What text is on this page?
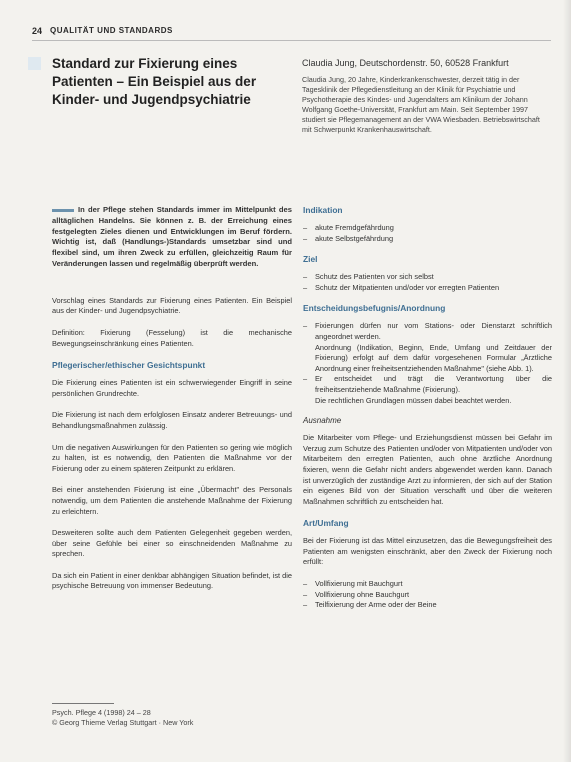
24 QUALITÄT UND STANDARDS
Standard zur Fixierung eines Patienten – Ein Beispiel aus der Kinder- und Jugendpsychiatrie
Claudia Jung, Deutschordenstr. 50, 60528 Frankfurt
Claudia Jung, 20 Jahre, Kinderkrankenschwester, derzeit tätig in der Tagesklinik der Pflegedienstleitung an der Klinik für Psychiatrie und Psychotherapie des Kindes- und Jugendalters am Klinikum der Johann Wolfgang Goethe-Universität, Frankfurt am Main. Seit September 1997 studiert sie Pflegemanagement an der VWA Wiesbaden. Betriebswirtschaft mit Schwerpunkt Krankenhauswirtschaft.
In der Pflege stehen Standards immer im Mittelpunkt des alltäglichen Handelns. Sie können z. B. der Erreichung eines festgelegten Zieles dienen und Entwicklungen im Beruf fördern. Wichtig ist, daß (Handlungs-)Standards umsetzbar sind und flexibel sind, um ihren Zweck zu erfüllen, gleichzeitig Raum für Veränderungen lassen und regelmäßig überprüft werden.

Vorschlag eines Standards zur Fixierung eines Patienten. Ein Beispiel aus der Kinder- und Jugendpsychiatrie.

Definition: Fixierung (Fesselung) ist die mechanische Bewegungseinschränkung eines Patienten.

Pflegerischer/ethischer Gesichtspunkt

Die Fixierung eines Patienten ist ein schwerwiegender Eingriff in seine persönlichen Grundrechte.

Die Fixierung ist nach dem erfolglosen Einsatz anderer Betreuungs- und Behandlungsmaßnahmen zulässig.

Um die negativen Auswirkungen für den Patienten so gering wie möglich zu halten, ist es notwendig, den Patienten die Maßnahme vor der Fixierung oder zu einem späteren Zeitpunkt zu erklären.

Bei einer anstehenden Fixierung ist eine „Übermacht" des Personals notwendig, um dem Patienten die anstehende Maßnahme der Fixierung zu erleichtern.

Desweiteren sollte auch dem Patienten Gelegenheit gegeben werden, über seine Gefühle bei einer so einschneidenden Maßnahme zu sprechen.

Da sich ein Patient in einer denkbar abhängigen Situation befindet, ist die psychische Betreuung von immenser Bedeutung.

Psych. Pflege 4 (1998) 24 – 28
© Georg Thieme Verlag Stuttgart · New York
Indikation
– akute Fremdgefährdung
– akute Selbstgefährdung
Ziel
– Schutz des Patienten vor sich selbst
– Schutz der Mitpatienten und/oder vor erregten Patienten
Entscheidungsbefugnis/Anordnung
– Fixierungen dürfen nur vom Stations- oder Dienstarzt schriftlich angeordnet werden.
Anordnung (Indikation, Beginn, Ende, Umfang und Zeitdauer der Fixierung) erfolgt auf dem dafür vorgesehenen Formular „Ärztliche Anordnung einer freiheitsentziehenden Maßnahme" (siehe Abb. 1).
– Er entscheidet und trägt die Verantwortung über die freiheitsentziehende Maßnahme (Fixierung).
Die rechtlichen Grundlagen müssen dabei beachtet werden.
Ausnahme

Die Mitarbeiter vom Pflege- und Erziehungsdienst müssen bei Gefahr im Verzug zum Schutze des Patienten und/oder von Mitpatienten und/oder von Mitarbeitern den erregten Patienten, auch ohne ärztliche Anordnung fixieren, wenn die Gefahr nicht anders abgewendet werden kann. Danach ist unverzüglich der zuständige Arzt zu informieren, der sich auf der Station ein eigenes Bild von der Situation verschafft und über die weiteren Maßnahmen schriftlich zu entscheiden hat.

Art/Umfang

Bei der Fixierung ist das Mittel einzusetzen, das die Bewegungsfreiheit des Patienten am wenigsten einschränkt, aber den Zweck der Fixierung noch erfüllt:

– Vollfixierung mit Bauchgurt
– Vollfixierung ohne Bauchgurt
– Teilfixierung der Arme oder der Beine
